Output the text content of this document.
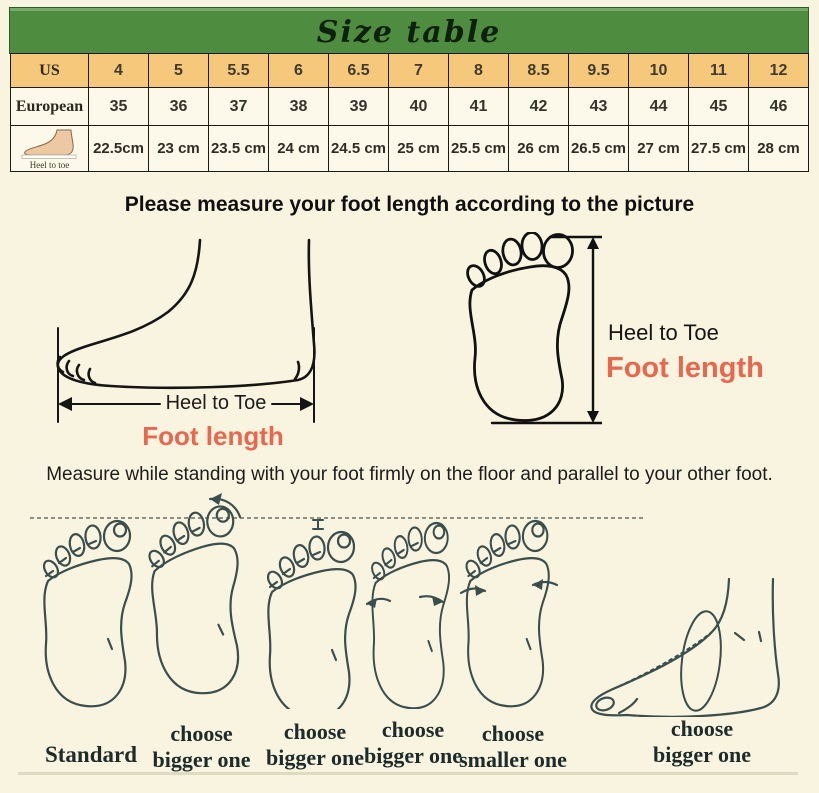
Size table
US	4	5	5.5	6	6.5	7	8	8.5	9.5	10	11	12
European	35	36	37	38	39	40	41	42	43	44	45	46

Heel to toe	22.5cm	23 cm	23.5 cm	24 cm	24.5 cm	25 cm	25.5 cm	26 cm	26.5 cm	27 cm	27.5 cm	28 cm
Please measure your foot length according to the picture
Heel to Toe
Foot length
Heel to Toe
Foot length
Measure while standing with your foot firmly on the floor and parallel to your other foot.
Standard
choose
bigger one
choose
bigger one
choose
bigger one
choose
smaller one
choose
bigger one
